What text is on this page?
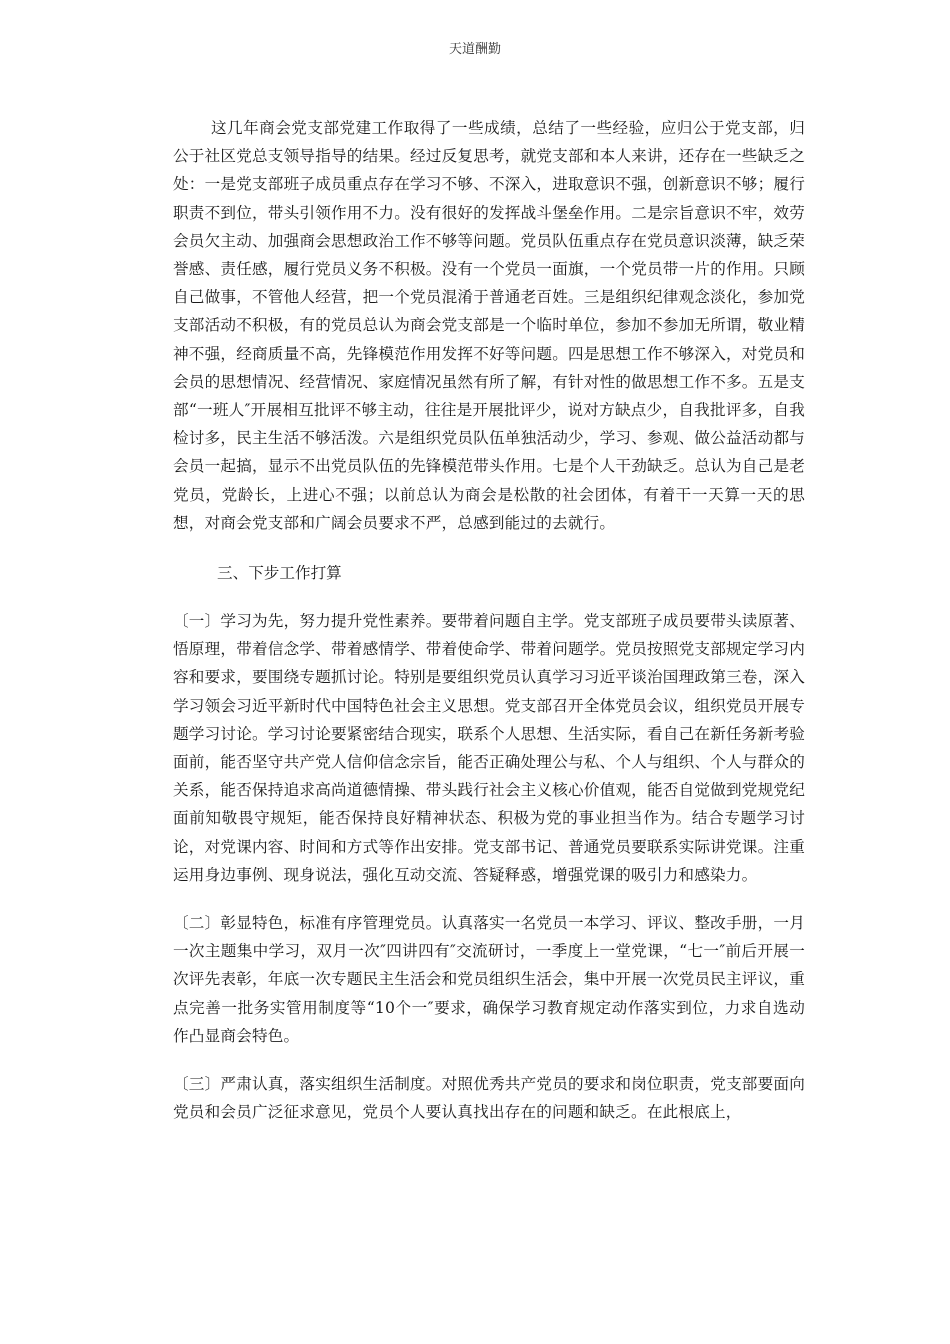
天道酬勤

这几年商会党支部党建工作取得了一些成绩，总结了一些经验，应归公于党支部，归公于社区党总支领导指导的结果。经过反复思考，就党支部和本人来讲，还存在一些缺乏之处：一是党支部班子成员重点存在学习不够、不深入，进取意识不强，创新意识不够；履行职责不到位，带头引领作用不力。没有很好的发挥战斗堡垒作用。二是宗旨意识不牢，效劳会员欠主动、加强商会思想政治工作不够等问题。党员队伍重点存在党员意识淡薄，缺乏荣誉感、责任感，履行党员义务不积极。没有一个党员一面旗，一个党员带一片的作用。只顾自己做事，不管他人经营，把一个党员混淆于普通老百姓。三是组织纪律观念淡化，参加党支部活动不积极，有的党员总认为商会党支部是一个临时单位，参加不参加无所谓，敬业精神不强，经商质量不高，先锋模范作用发挥不好等问题。四是思想工作不够深入，对党员和会员的思想情况、经营情况、家庭情况虽然有所了解，有针对性的做思想工作不多。五是支部“一班人″开展相互批评不够主动，往往是开展批评少，说对方缺点少，自我批评多，自我检讨多，民主生活不够活泼。六是组织党员队伍单独活动少，学习、参观、做公益活动都与会员一起搞，显示不出党员队伍的先锋模范带头作用。七是个人干劲缺乏。总认为自己是老党员，党龄长，上进心不强；以前总认为商会是松散的社会团体，有着干一天算一天的思想，对商会党支部和广阔会员要求不严，总感到能过的去就行。

三、下步工作打算

〔一〕学习为先，努力提升党性素养。要带着问题自主学。党支部班子成员要带头读原著、悟原理，带着信念学、带着感情学、带着使命学、带着问题学。党员按照党支部规定学习内容和要求，要围绕专题抓讨论。特别是要组织党员认真学习习近平谈治国理政第三卷，深入学习领会习近平新时代中国特色社会主义思想。党支部召开全体党员会议，组织党员开展专题学习讨论。学习讨论要紧密结合现实，联系个人思想、生活实际，看自己在新任务新考验面前，能否坚守共产党人信仰信念宗旨，能否正确处理公与私、个人与组织、个人与群众的关系，能否保持追求高尚道德情操、带头践行社会主义核心价值观，能否自觉做到党规党纪面前知敬畏守规矩，能否保持良好精神状态、积极为党的事业担当作为。结合专题学习讨论，对党课内容、时间和方式等作出安排。党支部书记、普通党员要联系实际讲党课。注重运用身边事例、现身说法，强化互动交流、答疑释惑，增强党课的吸引力和感染力。

〔二〕彰显特色，标准有序管理党员。认真落实一名党员一本学习、评议、整改手册，一月一次主题集中学习，双月一次″四讲四有″交流研讨，一季度上一堂党课，“七一″前后开展一次评先表彰，年底一次专题民主生活会和党员组织生活会，集中开展一次党员民主评议，重点完善一批务实管用制度等“10个一″要求，确保学习教育规定动作落实到位，力求自选动作凸显商会特色。

〔三〕严肃认真，落实组织生活制度。对照优秀共产党员的要求和岗位职责，党支部要面向党员和会员广泛征求意见，党员个人要认真找出存在的问题和缺乏。在此根底上，
